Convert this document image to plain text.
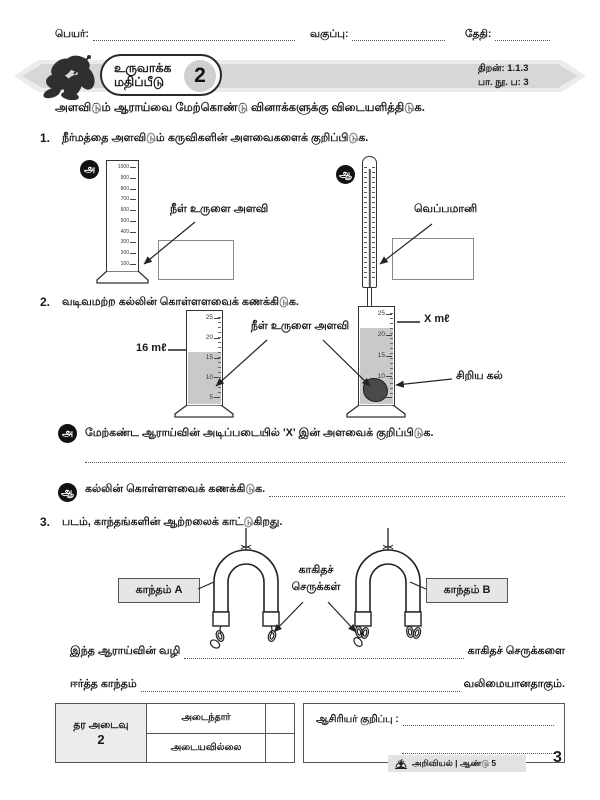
பெயர்:	வகுப்பு:	தேதி:
உருவாக்க
மதிப்பீடு	2	திறன்: 1.1.3
பா. நூ. ப: 3
அளவிடும் ஆராய்வை மேற்கொண்டு வினாக்களுக்கு விடையளித்திடுக.
1. நீர்மத்தை அளவிடும் கருவிகளின் அளவைகளைக் குறிப்பிடுக.
அ	1000
900
800
700
600
500
400
300
200
100
நீள் உருளை அளவி
ஆ
வெப்பமானி
2. வடிவமற்ற கல்லின் கொள்ளளவைக் கணக்கிடுக.
25
20
15
10
5
16 mℓ
25
20
15
10
X mℓ
நீள் உருளை அளவி
சிறிய கல்
அ	மேற்கண்ட ஆராய்வின் அடிப்படையில் 'X' இன் அளவைக் குறிப்பிடுக.
ஆ கல்லின் கொள்ளளவைக் கணக்கிடுக.
3. படம், காந்தங்களின் ஆற்றலைக் காட்டுகிறது.
காந்தம் A	காந்தம் B
காகிதச்
செருக்கள்
இந்த ஆராய்வின் வழி	காகிதச் செருக்களை
ஈர்த்த காந்தம்	வலிமையானதாகும்.
தர அடைவு
2
அடைந்தார்
அடையவில்லை
ஆசிரியர் குறிப்பு :
அறிவியல் | ஆண்டு 5	3
